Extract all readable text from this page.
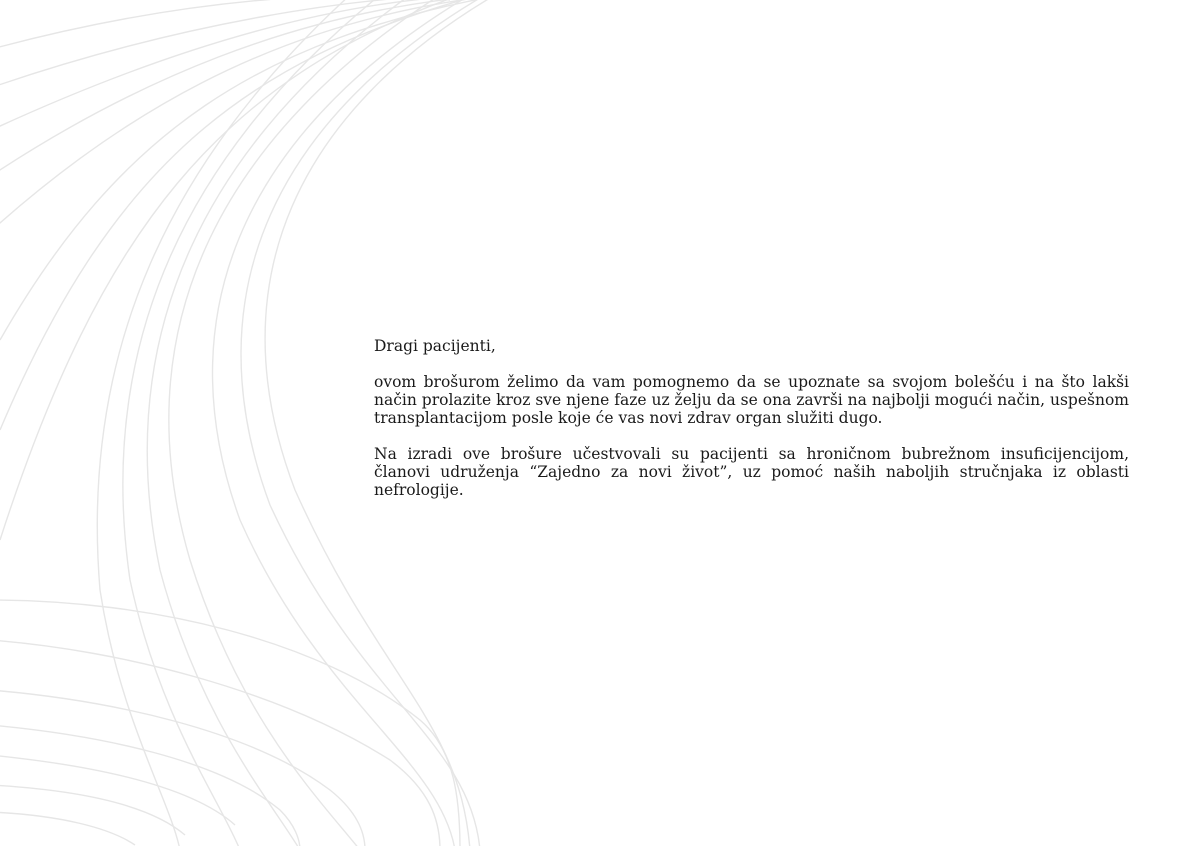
Dragi pacijenti,

ovom brošurom želimo da vam pomognemo da se upoznate sa svojom bolešću i na što lakši način prolazite kroz sve njene faze uz želju da se ona završi na najbolji mogući način, uspešnom transplantacijom posle koje će vas novi zdrav organ služiti dugo.

Na izradi ove brošure učestvovali su pacijenti sa hroničnom bubrežnom insuficijencijom, članovi udruženja “Zajedno za novi život”, uz pomoć naših naboljih stručnjaka iz oblasti nefrologije.
